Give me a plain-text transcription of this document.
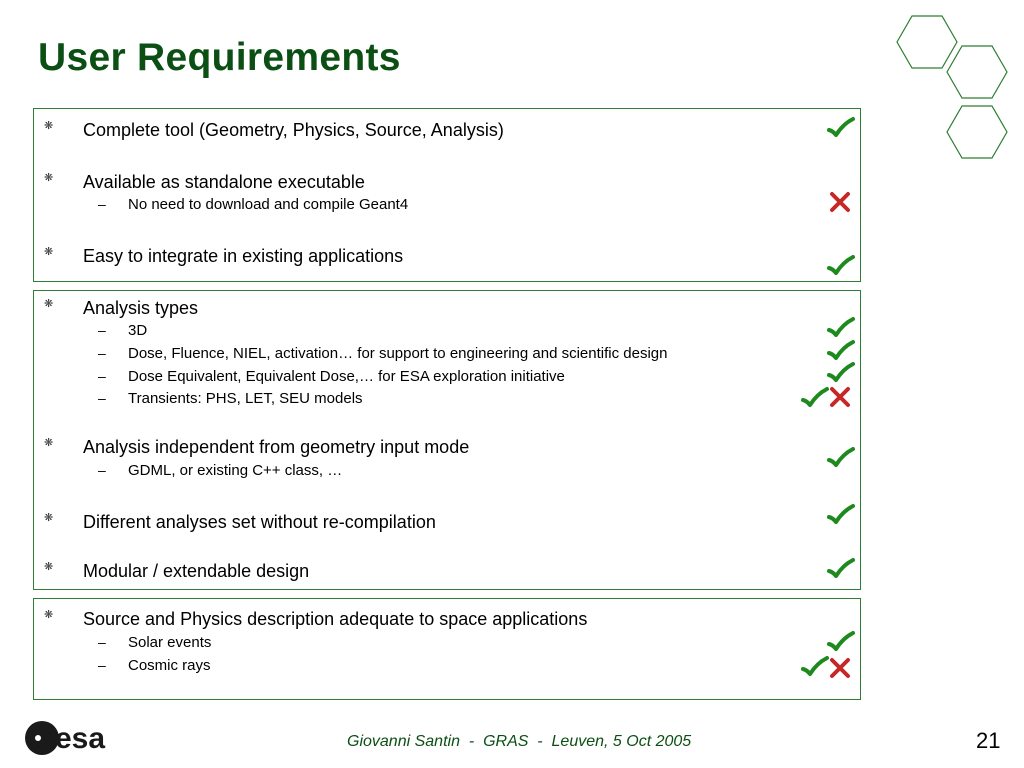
User Requirements
❋ Complete tool (Geometry, Physics, Source, Analysis)
❋ Available as standalone executable
– No need to download and compile Geant4
❋ Easy to integrate in existing applications
❋ Analysis types
– 3D
– Dose, Fluence, NIEL, activation… for support to engineering and scientific design
– Dose Equivalent, Equivalent Dose,… for ESA exploration initiative
– Transients: PHS, LET, SEU models
❋ Analysis independent from geometry input mode
– GDML, or existing C++ class, …
❋ Different analyses set without re-compilation
❋ Modular / extendable design
❋ Source and Physics description adequate to space applications
– Solar events
– Cosmic rays
esa	Giovanni Santin  -  GRAS  -  Leuven, 5 Oct 2005	21
